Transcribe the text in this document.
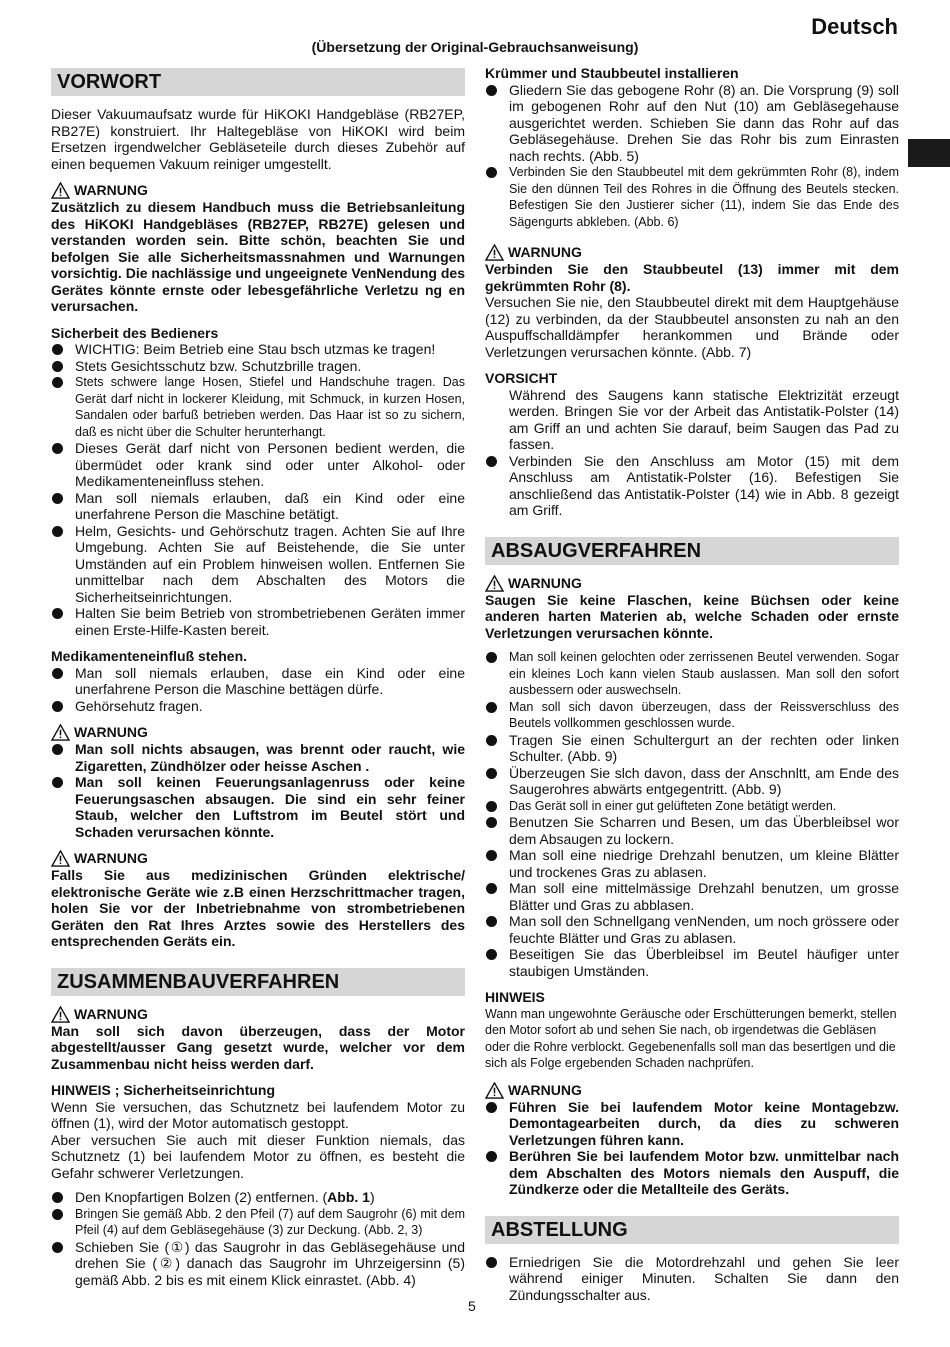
Deutsch
(Übersetzung der Original-Gebrauchsanweisung)
5
VORWORT
Dieser Vakuumaufsatz wurde für HiKOKI Handgebläse (RB27EP, RB27E) konstruiert. Ihr Haltegebläse von HiKOKI wird beim Ersetzen irgendwelcher Gebläseteile durch dieses Zubehör auf einen bequemen Vakuum reiniger umgestellt.
WARNUNG
Zusätzlich zu diesem Handbuch muss die Betriebsanleitung des HiKOKI Handgebläses (RB27EP, RB27E) gelesen und verstanden worden sein. Bitte schön, beachten Sie und befolgen Sie alle Sicherheitsmassnahmen und Warnungen vorsichtig. Die nachlässige und ungeeignete VenNendung des Gerätes könnte ernste oder lebesgefährliche Verletzu ng en verursachen.
Sicherbeit des Bedieners
WICHTIG: Beim Betrieb eine Stau bsch utzmas ke tragen!
Stets Gesichtsschutz bzw. Schutzbrille tragen.
Stets schwere lange Hosen, Stiefel und Handschuhe tragen. Das Gerät darf nicht in lockerer Kleidung, mit Schmuck, in kurzen Hosen, Sandalen oder barfuß betrieben werden. Das Haar ist so zu sichern, daß es nicht über die Schulter herunterhangt.
Dieses Gerät darf nicht von Personen bedient werden, die übermüdet oder krank sind oder unter Alkohol- oder Medikamenteneinfluss stehen.
Man soll niemals erlauben, daß ein Kind oder eine unerfahrene Person die Maschine betätigt.
Helm, Gesichts- und Gehörschutz tragen. Achten Sie auf Ihre Umgebung. Achten Sie auf Beistehende, die Sie unter Umständen auf ein Problem hinweisen wollen. Entfernen Sie unmittelbar nach dem Abschalten des Motors die Sicherheitseinrichtungen.
Halten Sie beim Betrieb von strombetriebenen Geräten immer einen Erste-Hilfe-Kasten bereit.
Medikamenteneinfluß stehen.
Man soll niemals erlauben, dase ein Kind oder eine unerfahrene Person die Maschine bettägen dürfe.
Gehörsehutz fragen.
WARNUNG
Man soll nichts absaugen, was brennt oder raucht, wie Zigaretten, Zündhölzer oder heisse Aschen .
Man soll keinen Feuerungsanlagenruss oder keine Feuerungsaschen absaugen. Die sind ein sehr feiner Staub, welcher den Luftstrom im Beutel stört und Schaden verursachen könnte.
WARNUNG
Falls Sie aus medizinischen Gründen elektrische/ elektronische Geräte wie z.B einen Herzschrittmacher tragen, holen Sie vor der Inbetriebnahme von strombetriebenen Geräten den Rat Ihres Arztes sowie des Herstellers des entsprechenden Geräts ein.
ZUSAMMENBAUVERFAHREN
WARNUNG
Man soll sich davon überzeugen, dass der Motor abgestellt/ausser Gang gesetzt wurde, welcher vor dem Zusammenbau nicht heiss werden darf.
HINWEIS ; Sicherheitseinrichtung
Wenn Sie versuchen, das Schutznetz bei laufendem Motor zu öffnen (1), wird der Motor automatisch gestoppt.
Aber versuchen Sie auch mit dieser Funktion niemals, das Schutznetz (1) bei laufendem Motor zu öffnen, es besteht die Gefahr schwerer Verletzungen.
Den Knopfartigen Bolzen (2) entfernen. (Abb. 1)
Bringen Sie gemäß Abb. 2 den Pfeil (7) auf dem Saugrohr (6) mit dem Pfeil (4) auf dem Gebläsegehäuse (3) zur Deckung. (Abb. 2, 3)
Schieben Sie (①) das Saugrohr in das Gebläsegehäuse und drehen Sie (②) danach das Saugrohr im Uhrzeigersinn (5) gemäß Abb. 2 bis es mit einem Klick einrastet. (Abb. 4)
Krümmer und Staubbeutel installieren
Gliedern Sie das gebogene Rohr (8) an. Die Vorsprung (9) soll im gebogenen Rohr auf den Nut (10) am Gebläsegehause ausgerichtet werden. Schieben Sie dann das Rohr auf das Gebläsegehäuse. Drehen Sie das Rohr bis zum Einrasten nach rechts. (Abb. 5)
Verbinden Sie den Staubbeutel mit dem gekrümmten Rohr (8), indem Sie den dünnen Teil des Rohres in die Öffnung des Beutels stecken. Befestigen Sie den Justierer sicher (11), indem Sie das Ende des Sägengurts abkleben. (Abb. 6)
WARNUNG
Verbinden Sie den Staubbeutel (13) immer mit dem gekrümmten Rohr (8).
Versuchen Sie nie, den Staubbeutel direkt mit dem Hauptgehäuse (12) zu verbinden, da der Staubbeutel ansonsten zu nah an den Auspuffschalldämpfer herankommen und Brände oder Verletzungen verursachen könnte. (Abb. 7)
VORSICHT
Während des Saugens kann statische Elektrizität erzeugt werden. Bringen Sie vor der Arbeit das Antistatik-Polster (14) am Griff an und achten Sie darauf, beim Saugen das Pad zu fassen.
Verbinden Sie den Anschluss am Motor (15) mit dem Anschluss am Antistatik-Polster (16). Befestigen Sie anschließend das Antistatik-Polster (14) wie in Abb. 8 gezeigt am Griff.
ABSAUGVERFAHREN
WARNUNG
Saugen Sie keine Flaschen, keine Büchsen oder keine anderen harten Materien ab, welche Schaden oder ernste Verletzungen verursachen könnte.
Man soll keinen gelochten oder zerrissenen Beutel verwenden. Sogar ein kleines Loch kann vielen Staub auslassen. Man soll den sofort ausbessern oder auswechseln.
Man soll sich davon überzeugen, dass der Reissverschluss des Beutels vollkommen geschlossen wurde.
Tragen Sie einen Schultergurt an der rechten oder linken Schulter. (Abb. 9)
Überzeugen Sie slch davon, dass der Anschnltt, am Ende des Saugerohres abwärts entgegentritt. (Abb. 9)
Das Gerät soll in einer gut gelüfteten Zone betätigt werden.
Benutzen Sie Scharren und Besen, um das Überbleibsel wor dem Absaugen zu lockern.
Man soll eine niedrige Drehzahl benutzen, um kleine Blätter und trockenes Gras zu ablasen.
Man soll eine mittelmässige Drehzahl benutzen, um grosse Blätter und Gras zu abblasen.
Man soll den Schnellgang venNenden, um noch grössere oder feuchte Blätter und Gras zu ablasen.
Beseitigen Sie das Überbleibsel im Beutel häufiger unter staubigen Umständen.
HINWEIS
Wann man ungewohnte Geräusche oder Erschütterungen bemerkt, stellen den Motor sofort ab und sehen Sie nach, ob irgendetwas die Gebläsen oder die Rohre verblockt. Gegebenenfalls soll man das besertlgen und die sich als Folge ergebenden Schaden nachprüfen.
WARNUNG
Führen Sie bei laufendem Motor keine Montagebzw. Demontagearbeiten durch, da dies zu schweren Verletzungen führen kann.
Berühren Sie bei laufendem Motor bzw. unmittelbar nach dem Abschalten des Motors niemals den Auspuff, die Zündkerze oder die Metallteile des Geräts.
ABSTELLUNG
Erniedrigen Sie die Motordrehzahl und gehen Sie leer während einiger Minuten. Schalten Sie dann den Zündungsschalter aus.
